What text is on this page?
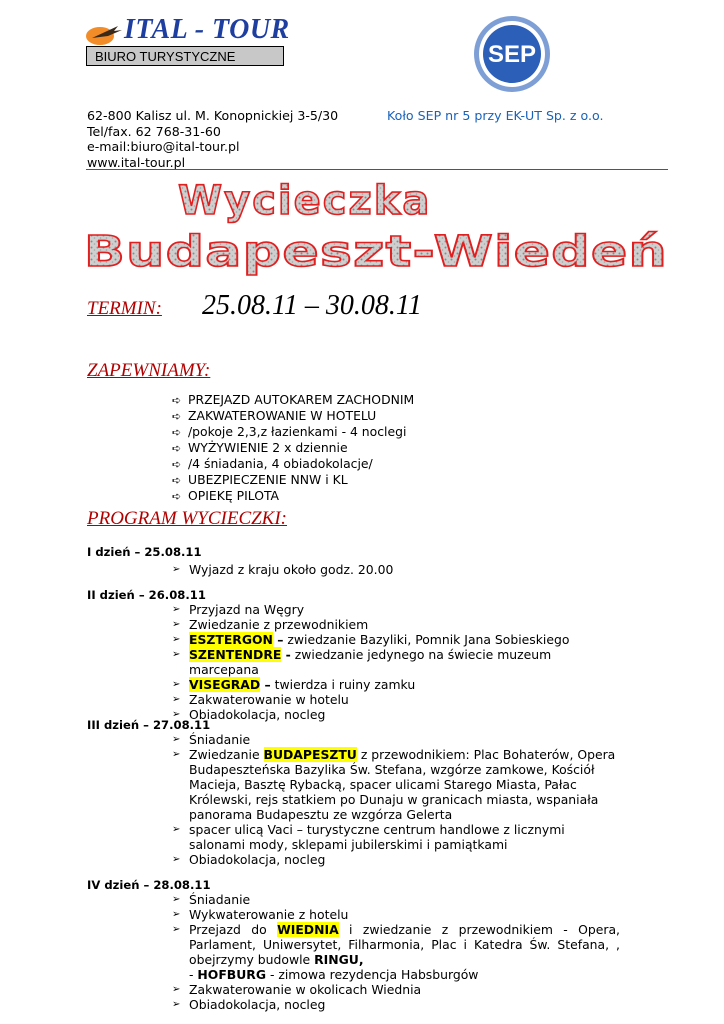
ITAL - TOUR
BIURO TURYSTYCZNE	SEP
62-800 Kalisz ul. M. Konopnickiej 3-5/30
Tel/fax. 62 768-31-60
e-mail:biuro@ital-tour.pl
www.ital-tour.pl
Koło SEP nr 5 przy EK-UT Sp. z o.o.
Wycieczka
Budapeszt-Wiedeń
TERMIN: 25.08.11 – 30.08.11
ZAPEWNIAMY:
➪ PRZEJAZD AUTOKAREM ZACHODNIM
➪ ZAKWATEROWANIE W HOTELU
➪ /pokoje 2,3,z łazienkami - 4 noclegi
➪ WYŻYWIENIE 2 x dziennie
➪ /4 śniadania, 4 obiadokolacje/
➪ UBEZPIECZENIE NNW i KL
➪ OPIEKĘ PILOTA
PROGRAM WYCIECZKI:
I dzień – 25.08.11
➢ Wyjazd z kraju około godz. 20.00
II dzień – 26.08.11
➢ Przyjazd na Węgry
➢ Zwiedzanie z przewodnikiem
➢ ESZTERGON – zwiedzanie Bazyliki, Pomnik Jana Sobieskiego
➢ SZENTENDRE - zwiedzanie jedynego na świecie muzeum marcepana
➢ VISEGRAD – twierdza i ruiny zamku
➢ Zakwaterowanie w hotelu
➢ Obiadokolacja, nocleg
III dzień – 27.08.11
➢ Śniadanie
➢ Zwiedzanie BUDAPESZTU z przewodnikiem: Plac Bohaterów, Opera Budapeszteńska Bazylika Św. Stefana, wzgórze zamkowe, Kościół Macieja, Basztę Rybacką, spacer ulicami Starego Miasta, Pałac Królewski, rejs statkiem po Dunaju w granicach miasta, wspaniała panorama Budapesztu ze wzgórza Gelerta
➢ spacer ulicą Vaci – turystyczne centrum handlowe z licznymi salonami mody, sklepami jubilerskimi i pamiątkami
➢ Obiadokolacja, nocleg
IV dzień – 28.08.11
➢ Śniadanie
➢ Wykwaterowanie z hotelu
➢ Przejazd do WIEDNIA i zwiedzanie z przewodnikiem - Opera, Parlament, Uniwersytet, Filharmonia, Plac i Katedra Św. Stefana, , obejrzymy budowle RINGU,
- HOFBURG - zimowa rezydencja Habsburgów
➢ Zakwaterowanie w okolicach Wiednia
➢ Obiadokolacja, nocleg
